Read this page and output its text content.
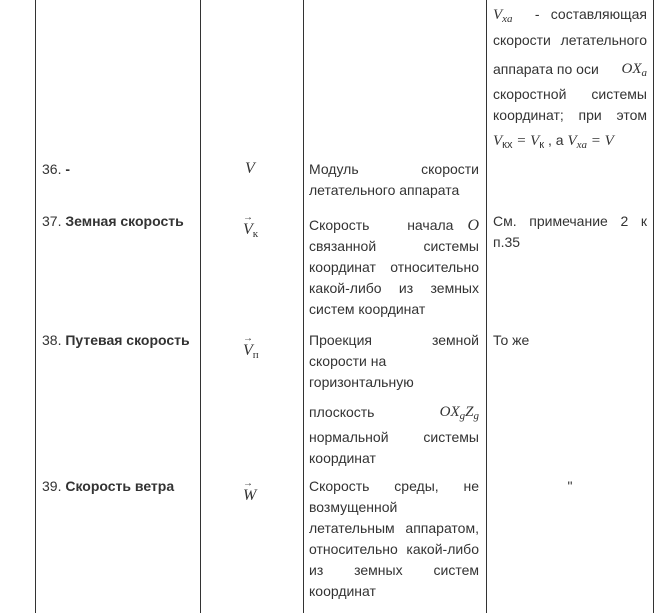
$V_{xa}$ - составляющая
скорости летательного
аппарата по оси $OX_a$
скоростной системы
координат; при этом
$V_{кх} = V_к$ , а $V_{xa} = V$
36. -	V	Модуль скорости
летательного аппарата
37. Земная скорость
→	$V_к$
Скорость начала O
связанной системы
координат относительно
какой-либо из земных
систем координат
См. примечание 2 к
п.35
38. Путевая скорость
→ $V_п$
Проекция земной
скорости на
горизонтальную
плоскость	$OX_gZ_g$
нормальной системы
координат
То же
39. Скорость ветра
→ W
Скорость среды, не
возмущенной
летательным аппаратом,
относительно какой-либо
из земных систем
координат
"
